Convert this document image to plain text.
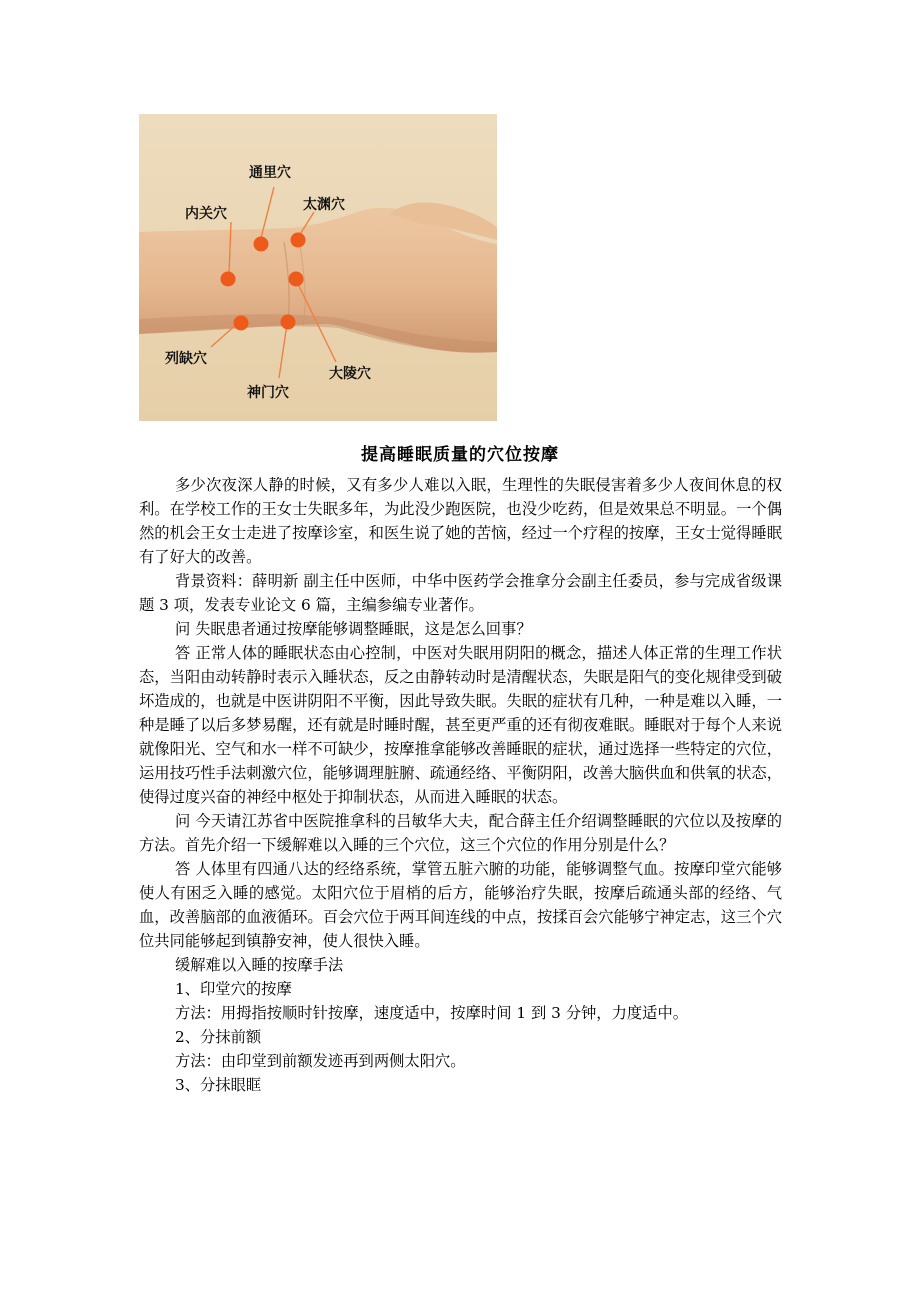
通里穴
内关穴
太渊穴
列缺穴
大陵穴
神门穴
提高睡眠质量的穴位按摩

多少次夜深人静的时候，又有多少人难以入眠，生理性的失眠侵害着多少人夜间休息的权利。在学校工作的王女士失眠多年，为此没少跑医院，也没少吃药，但是效果总不明显。一个偶然的机会王女士走进了按摩诊室，和医生说了她的苦恼，经过一个疗程的按摩，王女士觉得睡眠有了好大的改善。

背景资料：薛明新 副主任中医师，中华中医药学会推拿分会副主任委员，参与完成省级课题 3 项，发表专业论文 6 篇，主编参编专业著作。

问 失眠患者通过按摩能够调整睡眠，这是怎么回事？

答 正常人体的睡眠状态由心控制，中医对失眠用阴阳的概念，描述人体正常的生理工作状态，当阳由动转静时表示入睡状态，反之由静转动时是清醒状态，失眠是阳气的变化规律受到破坏造成的，也就是中医讲阴阳不平衡，因此导致失眠。失眠的症状有几种，一种是难以入睡，一种是睡了以后多梦易醒，还有就是时睡时醒，甚至更严重的还有彻夜难眠。睡眠对于每个人来说就像阳光、空气和水一样不可缺少，按摩推拿能够改善睡眠的症状，通过选择一些特定的穴位，运用技巧性手法刺激穴位，能够调理脏腑、疏通经络、平衡阴阳，改善大脑供血和供氧的状态，使得过度兴奋的神经中枢处于抑制状态，从而进入睡眠的状态。

问 今天请江苏省中医院推拿科的吕敏华大夫，配合薛主任介绍调整睡眠的穴位以及按摩的方法。首先介绍一下缓解难以入睡的三个穴位，这三个穴位的作用分别是什么？

答 人体里有四通八达的经络系统，掌管五脏六腑的功能，能够调整气血。按摩印堂穴能够使人有困乏入睡的感觉。太阳穴位于眉梢的后方，能够治疗失眠，按摩后疏通头部的经络、气血，改善脑部的血液循环。百会穴位于两耳间连线的中点，按揉百会穴能够宁神定志，这三个穴位共同能够起到镇静安神，使人很快入睡。

缓解难以入睡的按摩手法

1、印堂穴的按摩

方法：用拇指按顺时针按摩，速度适中，按摩时间 1 到 3 分钟，力度适中。

2、分抹前额

方法：由印堂到前额发迹再到两侧太阳穴。

3、分抹眼眶
